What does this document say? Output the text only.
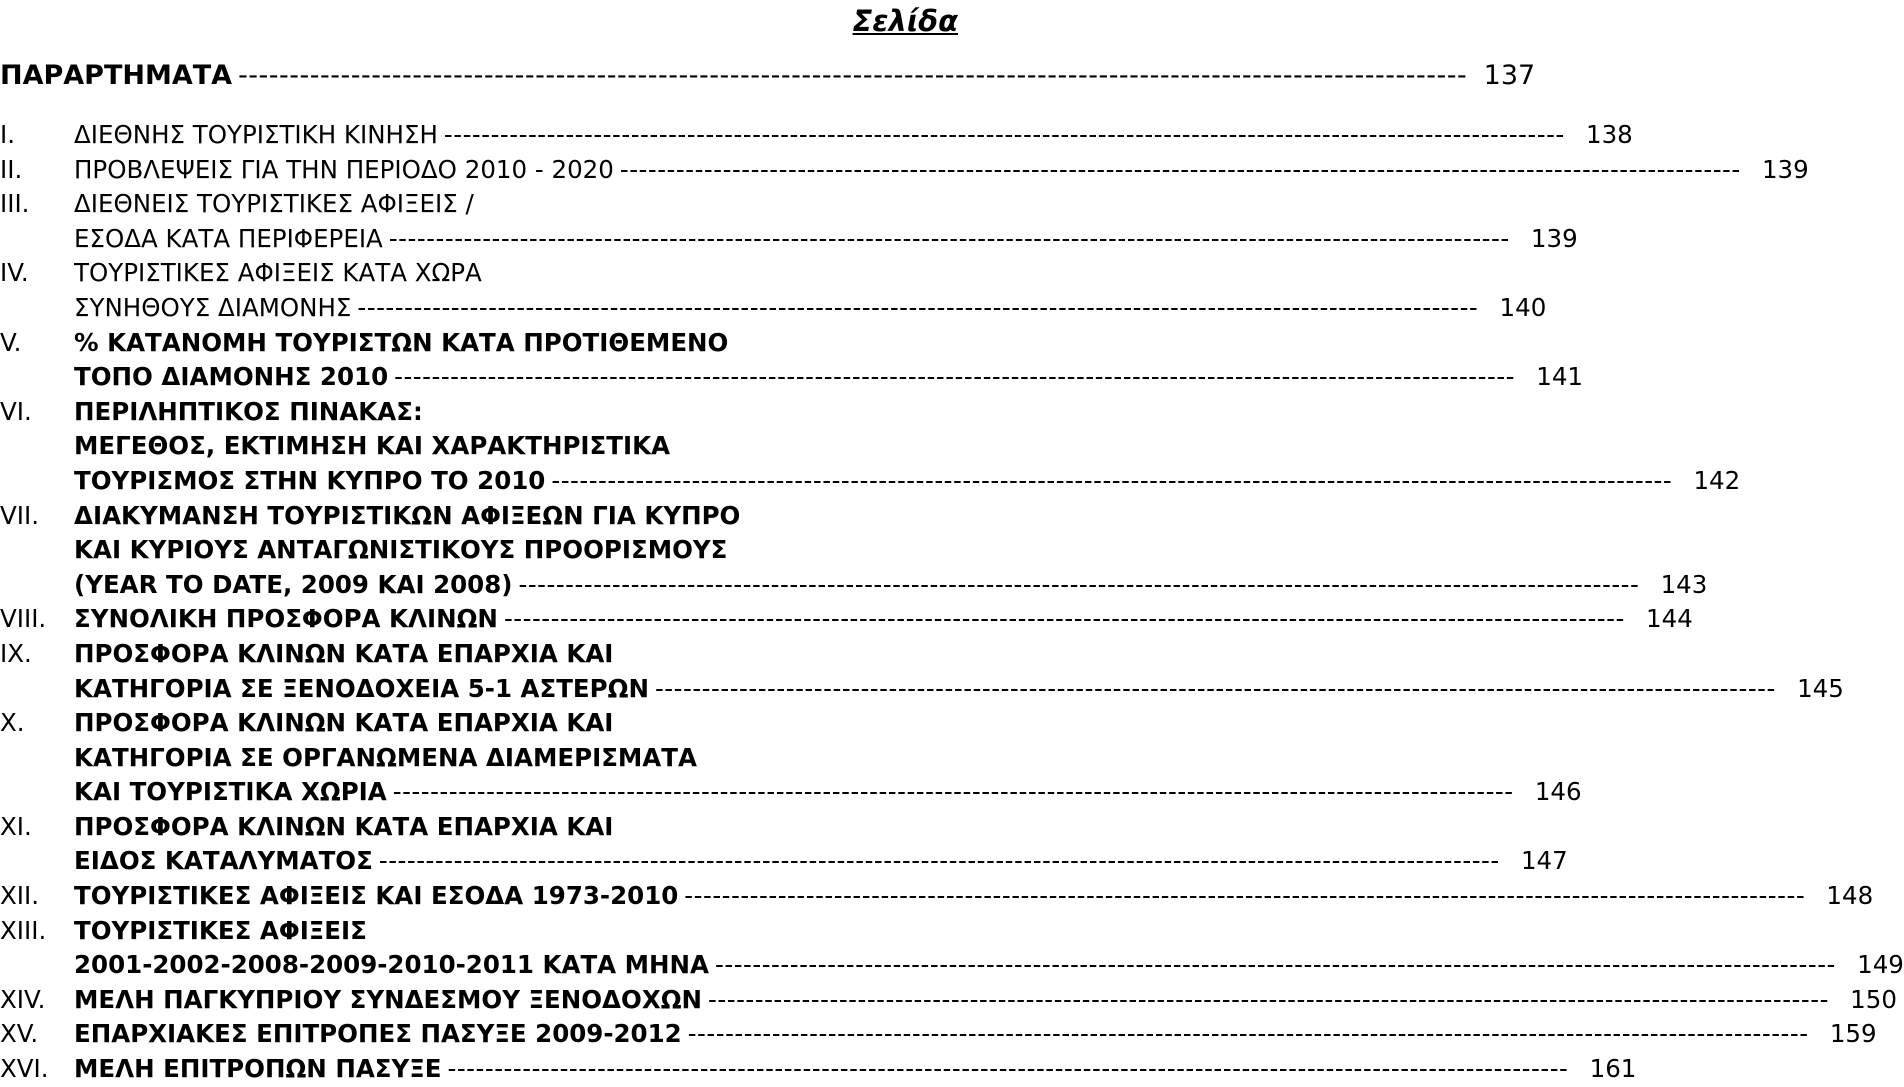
Σελίδα
ΠΑΡΑΡΤΗΜΑΤΑ ------------------------------------------------------------------------------------------------------------------------ 137
I.	ΔΙΕΘΝΗΣ ΤΟΥΡΙΣΤΙΚΗ ΚΙΝΗΣΗ ------------------------------------------------------------------------------------------------------------------------ 138
II.	ΠΡΟΒΛΕΨΕΙΣ ΓΙΑ ΤΗΝ ΠΕΡΙΟΔΟ 2010 - 2020 ------------------------------------------------------------------------------------------------------------------------ 139
III.	ΔΙΕΘΝΕΙΣ ΤΟΥΡΙΣΤΙΚΕΣ ΑΦΙΞΕΙΣ /
ΕΣΟΔΑ ΚΑΤΑ ΠΕΡΙΦΕΡΕΙΑ ------------------------------------------------------------------------------------------------------------------------ 139
IV.	ΤΟΥΡΙΣΤΙΚΕΣ ΑΦΙΞΕΙΣ ΚΑΤΑ ΧΩΡΑ
ΣΥΝΗΘΟΥΣ ΔΙΑΜΟΝΗΣ ------------------------------------------------------------------------------------------------------------------------ 140
V.	% ΚΑΤΑΝΟΜΗ ΤΟΥΡΙΣΤΩΝ ΚΑΤΑ ΠΡΟΤΙΘΕΜΕΝΟ
ΤΟΠΟ ΔΙΑΜΟΝΗΣ 2010 ------------------------------------------------------------------------------------------------------------------------ 141
VI.	ΠΕΡΙΛΗΠΤΙΚΟΣ ΠΙΝΑΚΑΣ:
ΜΕΓΕΘΟΣ, ΕΚΤΙΜΗΣΗ ΚΑΙ ΧΑΡΑΚΤΗΡΙΣΤΙΚΑ
ΤΟΥΡΙΣΜΟΣ ΣΤΗΝ ΚΥΠΡΟ ΤΟ 2010 ------------------------------------------------------------------------------------------------------------------------ 142
VII.	ΔΙΑΚΥΜΑΝΣΗ ΤΟΥΡΙΣΤΙΚΩΝ ΑΦΙΞΕΩΝ ΓΙΑ ΚΥΠΡΟ
ΚΑΙ ΚΥΡΙΟΥΣ ΑΝΤΑΓΩΝΙΣΤΙΚΟΥΣ ΠΡΟΟΡΙΣΜΟΥΣ
(YEAR TO DATE, 2009 ΚΑΙ 2008) ------------------------------------------------------------------------------------------------------------------------ 143
VIII.	ΣΥΝΟΛΙΚΗ ΠΡΟΣΦΟΡΑ ΚΛΙΝΩΝ ------------------------------------------------------------------------------------------------------------------------ 144
IX.	ΠΡΟΣΦΟΡΑ ΚΛΙΝΩΝ ΚΑΤΑ ΕΠΑΡΧΙΑ ΚΑΙ
ΚΑΤΗΓΟΡΙΑ ΣΕ ΞΕΝΟΔΟΧΕΙΑ 5-1 ΑΣΤΕΡΩΝ ------------------------------------------------------------------------------------------------------------------------ 145
X.	ΠΡΟΣΦΟΡΑ ΚΛΙΝΩΝ ΚΑΤΑ ΕΠΑΡΧΙΑ ΚΑΙ
ΚΑΤΗΓΟΡΙΑ ΣΕ ΟΡΓΑΝΩΜΕΝΑ ΔΙΑΜΕΡΙΣΜΑΤΑ
ΚΑΙ ΤΟΥΡΙΣΤΙΚΑ ΧΩΡΙΑ ------------------------------------------------------------------------------------------------------------------------ 146
XI.	ΠΡΟΣΦΟΡΑ ΚΛΙΝΩΝ ΚΑΤΑ ΕΠΑΡΧΙΑ ΚΑΙ
ΕΙΔΟΣ ΚΑΤΑΛΥΜΑΤΟΣ ------------------------------------------------------------------------------------------------------------------------ 147
XII.	ΤΟΥΡΙΣΤΙΚΕΣ ΑΦΙΞΕΙΣ ΚΑΙ ΕΣΟΔΑ 1973-2010 ------------------------------------------------------------------------------------------------------------------------ 148
XIII.	ΤΟΥΡΙΣΤΙΚΕΣ ΑΦΙΞΕΙΣ
2001-2002-2008-2009-2010-2011 ΚΑΤΑ ΜΗΝΑ ------------------------------------------------------------------------------------------------------------------------ 149
XIV.	ΜΕΛΗ ΠΑΓΚΥΠΡΙΟΥ ΣΥΝΔΕΣΜΟΥ ΞΕΝΟΔΟΧΩΝ ------------------------------------------------------------------------------------------------------------------------ 150
XV.	ΕΠΑΡΧΙΑΚΕΣ ΕΠΙΤΡΟΠΕΣ ΠΑΣΥΞΕ 2009-2012 ------------------------------------------------------------------------------------------------------------------------ 159
XVI.	ΜΕΛΗ ΕΠΙΤΡΟΠΩΝ ΠΑΣΥΞΕ ------------------------------------------------------------------------------------------------------------------------ 161
